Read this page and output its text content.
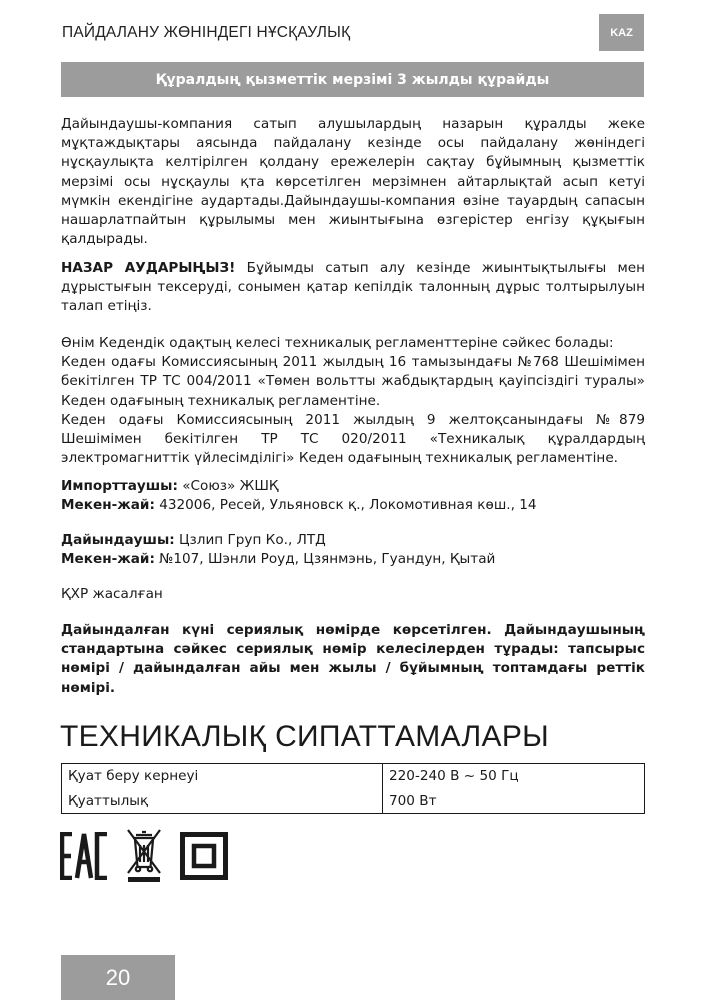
ПАЙДАЛАНУ ЖӨНІНДЕГІ НҰСҚАУЛЫҚ	KAZ
Құралдың қызметтік мерзімі 3 жылды құрайды
Дайындаушы-компания сатып алушылардың назарын құралды жеке мұқтаждықтары аясында пайдалану кезінде осы пайдалану жөніндегі нұсқаулықта келтірілген қолдану ережелерін сақтау бұйымның қызметтік мерзімі осы нұсқаулы қта көрсетілген мерзімнен айтарлықтай асып кетуі мүмкін екендігіне аудартады.Дайындаушы-компания өзіне тауардың сапасын нашарлатпайтын құрылымы мен жиынтығына өзгерістер енгізу құқығын қалдырады.
НАЗАР АУДАРЫҢЫЗ! Бұйымды сатып алу кезінде жиынтықтылығы мен дұрыстығын тексеруді, сонымен қатар кепілдік талонның дұрыс толтырылуын талап етіңіз.
Өнім Кедендік одақтың келесі техникалық регламенттеріне сәйкес болады:
Кеден одағы Комиссиясының 2011 жылдың 16 тамызындағы №768 Шешімімен бекітілген ТР ТС 004/2011 «Төмен вольтты жабдықтардың қауіпсіздігі туралы» Кеден одағының техникалық регламентіне.
Кеден одағы Комиссиясының 2011 жылдың 9 желтоқсанындағы №879 Шешімімен бекітілген ТР ТС 020/2011 «Техникалық құралдардың электромагниттік үйлесімділігі» Кеден одағының техникалық регламентіне.
Импорттаушы: «Союз» ЖШҚ
Мекен-жай: 432006, Ресей, Ульяновск қ., Локомотивная көш., 14
Дайындаушы: Цзлип Груп Ко., ЛТД
Мекен-жай: №107, Шэнли Роуд, Цзянмэнь, Гуандун, Қытай
ҚХР жасалған
Дайындалған күні сериялық нөмірде көрсетілген. Дайындаушының стандартына сәйкес сериялық нөмір келесілерден тұрады: тапсырыс нөмірі / дайындалған айы мен жылы / бұйымның топтамдағы реттік нөмірі.
ТЕХНИКАЛЫҚ СИПАТТАМАЛАРЫ
Қуат беру кернеуі	220-240 В ~ 50 Гц
Қуаттылық	700 Вт
20
